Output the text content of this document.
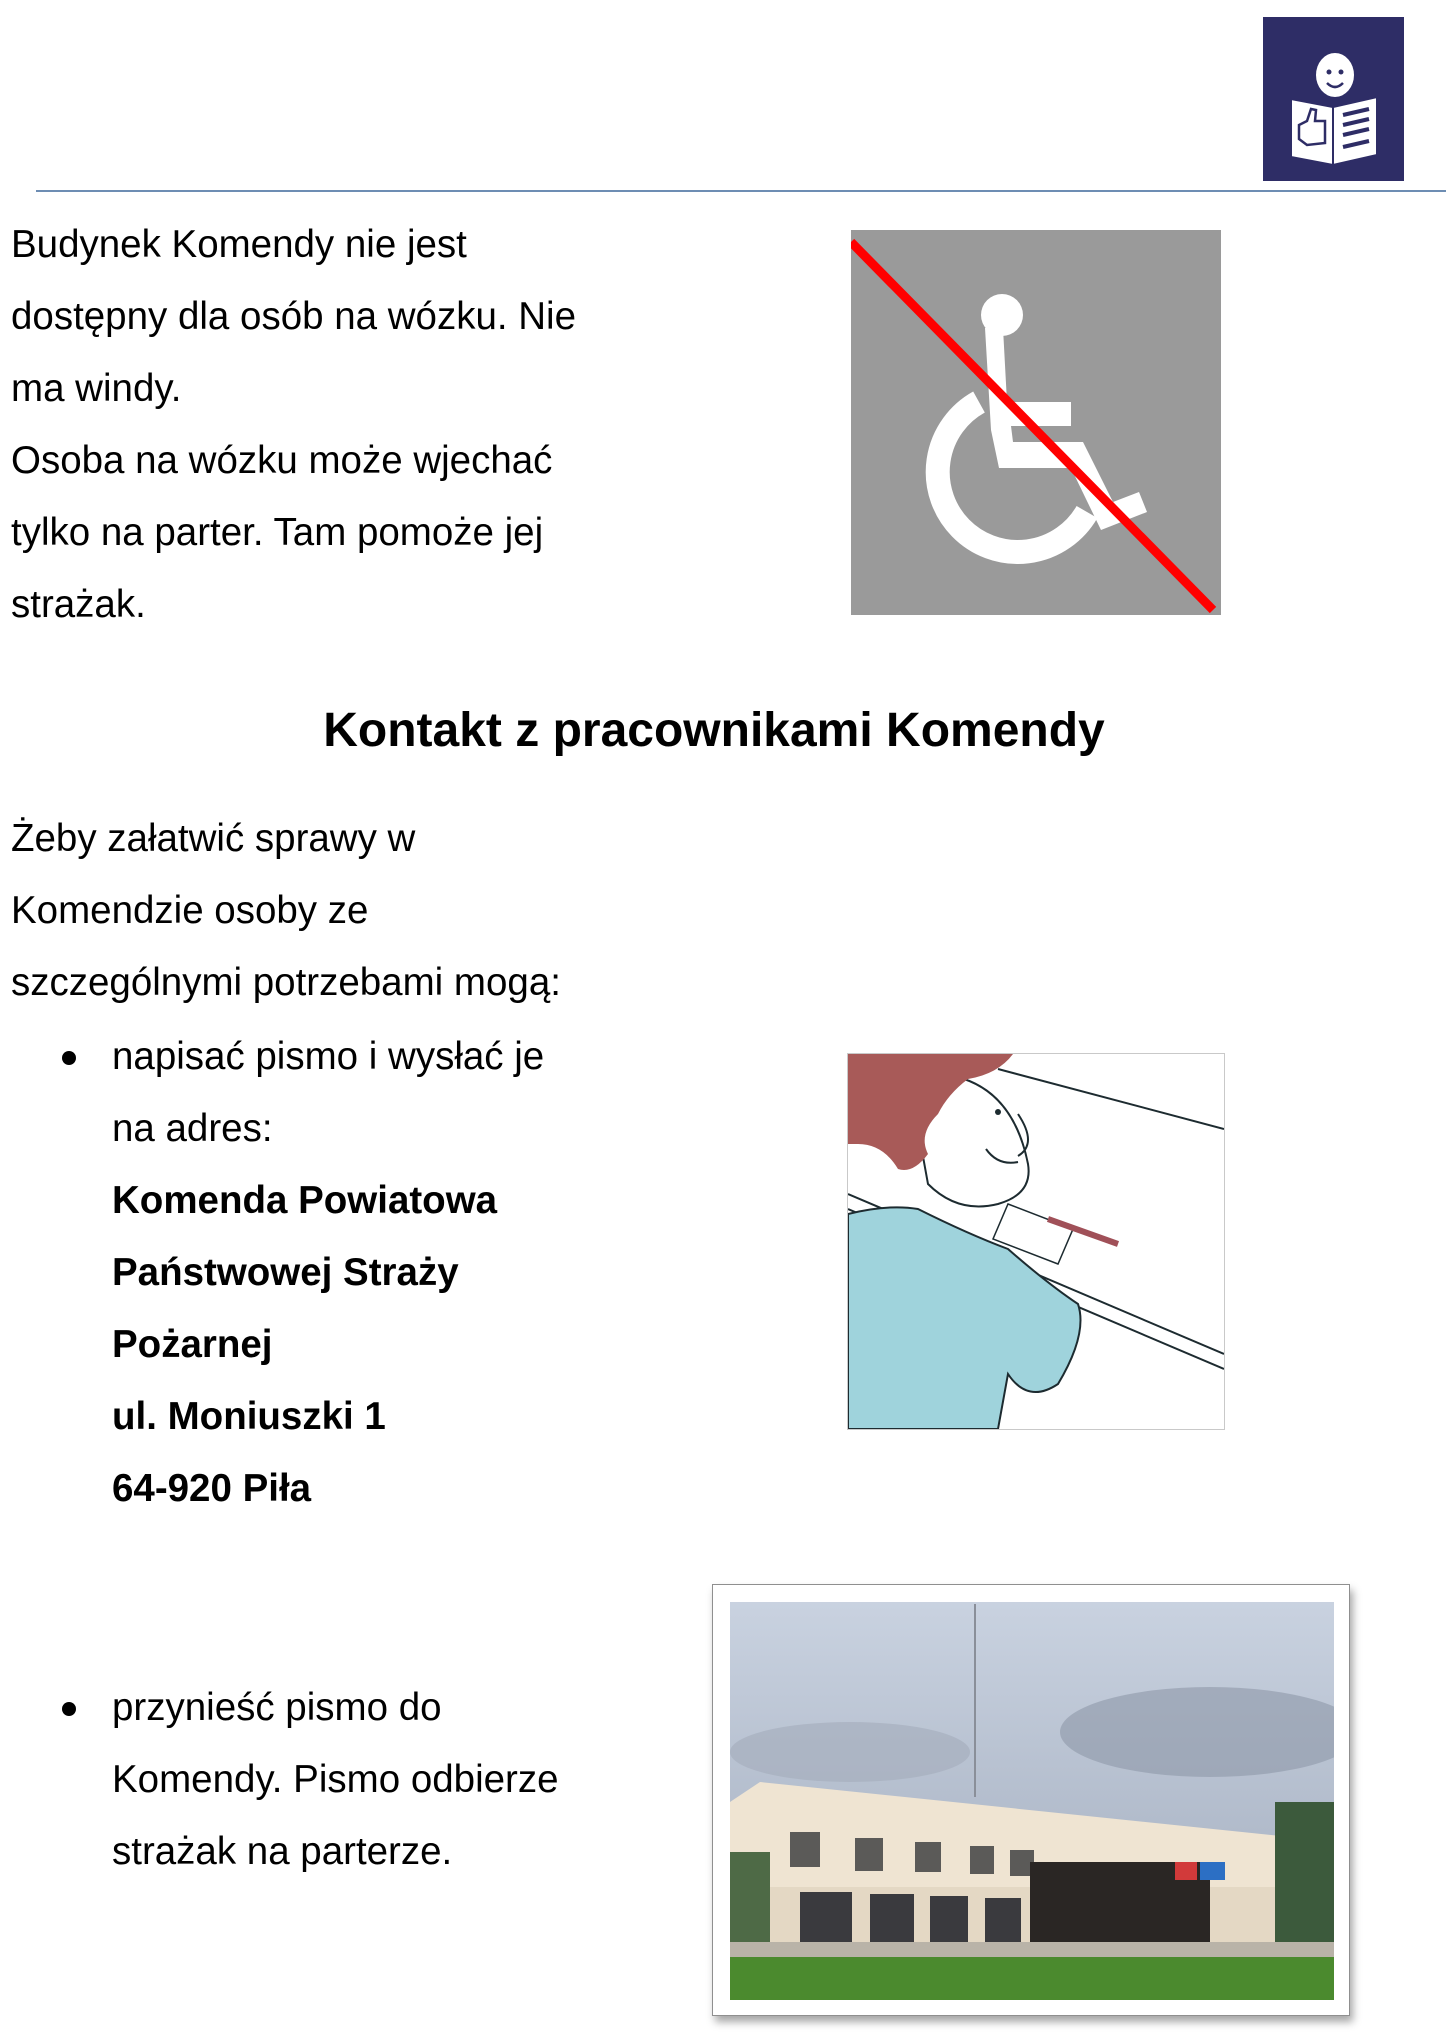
Budynek Komendy nie jest
dostępny dla osób na wózku. Nie
ma windy.
Osoba na wózku może wjechać
tylko na parter. Tam pomoże jej
strażak.
Kontakt z pracownikami Komendy
Żeby załatwić sprawy w
Komendzie osoby ze
szczególnymi potrzebami mogą:
napisać pismo i wysłać je
na adres:
Komenda Powiatowa
Państwowej Straży
Pożarnej
ul. Moniuszki 1
64-920 Piła
przynieść pismo do
Komendy. Pismo odbierze
strażak na parterze.
